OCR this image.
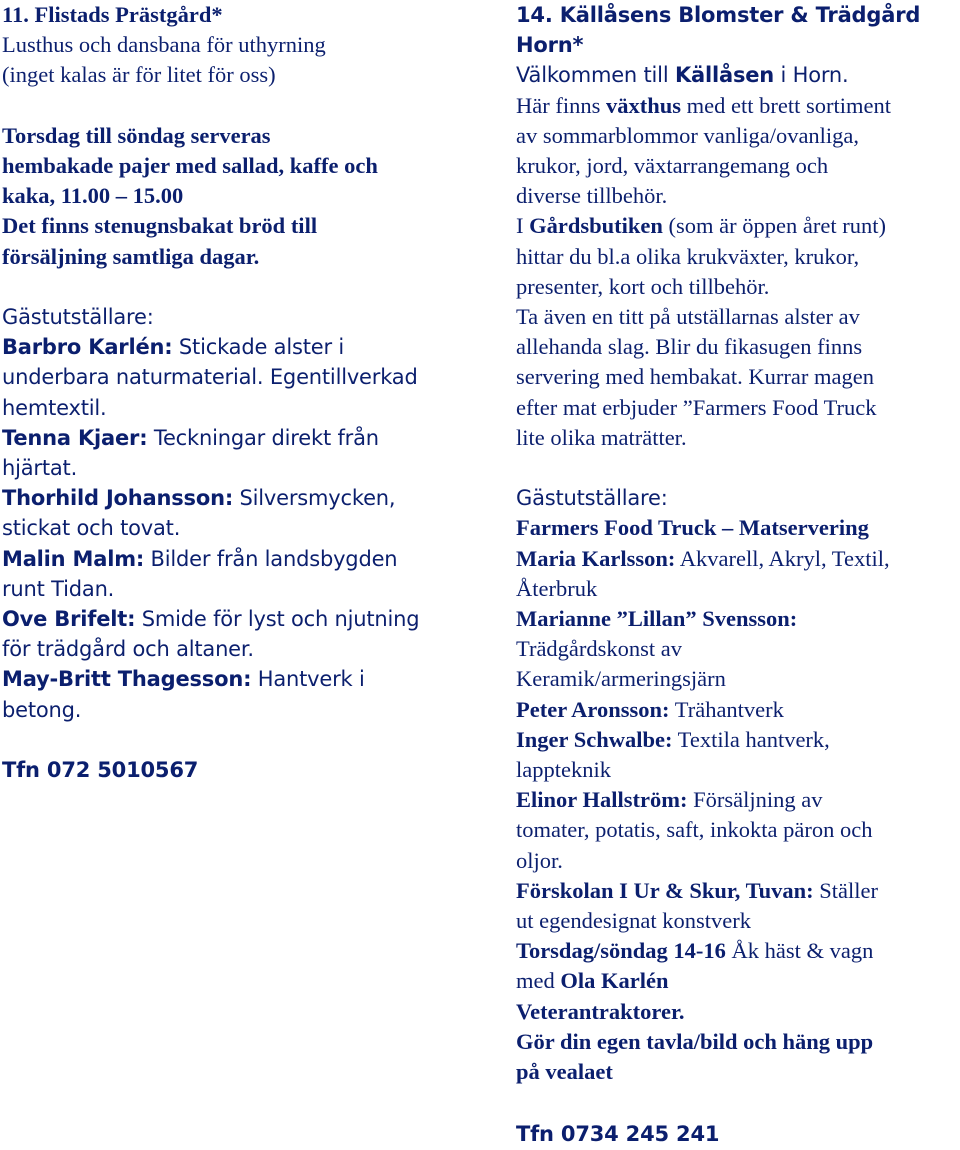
11. Flistads Prästgård*
Lusthus och dansbana för uthyrning
(inget kalas är för litet för oss)
Torsdag till söndag serveras
hembakade pajer med sallad, kaffe och
kaka, 11.00 – 15.00
Det finns stenugnsbakat bröd till
försäljning samtliga dagar.
Gästutställare:
Barbro Karlén: Stickade alster i
underbara naturmaterial. Egentillverkad
hemtextil.
Tenna Kjaer: Teckningar direkt från
hjärtat.
Thorhild Johansson: Silversmycken,
stickat och tovat.
Malin Malm: Bilder från landsbygden
runt Tidan.
Ove Brifelt: Smide för lyst och njutning
för trädgård och altaner.
May-Britt Thagesson: Hantverk i
betong.
Tfn 072 5010567
14. Källåsens Blomster & Trädgård
Horn*
Välkommen till Källåsen i Horn.
Här finns växthus med ett brett sortiment
av sommarblommor vanliga/ovanliga,
krukor, jord, växtarrangemang och
diverse tillbehör.
I Gårdsbutiken (som är öppen året runt)
hittar du bl.a olika krukväxter, krukor,
presenter, kort och tillbehör.
Ta även en titt på utställarnas alster av
allehanda slag. Blir du fikasugen finns
servering med hembakat. Kurrar magen
efter mat erbjuder ”Farmers Food Truck
lite olika maträtter.
Gästutställare:
Farmers Food Truck – Matservering
Maria Karlsson: Akvarell, Akryl, Textil,
Återbruk
Marianne ”Lillan” Svensson:
Trädgårdskonst av
Keramik/armeringsjärn
Peter Aronsson: Trähantverk
Inger Schwalbe: Textila hantverk,
lappteknik
Elinor Hallström: Försäljning av
tomater, potatis, saft, inkokta päron och
oljor.
Förskolan I Ur & Skur, Tuvan: Ställer
ut egendesignat konstverk
Torsdag/söndag 14-16 Åk häst & vagn
med Ola Karlén
Veterantraktorer.
Gör din egen tavla/bild och häng upp
på vealaet
Tfn 0734 245 241
